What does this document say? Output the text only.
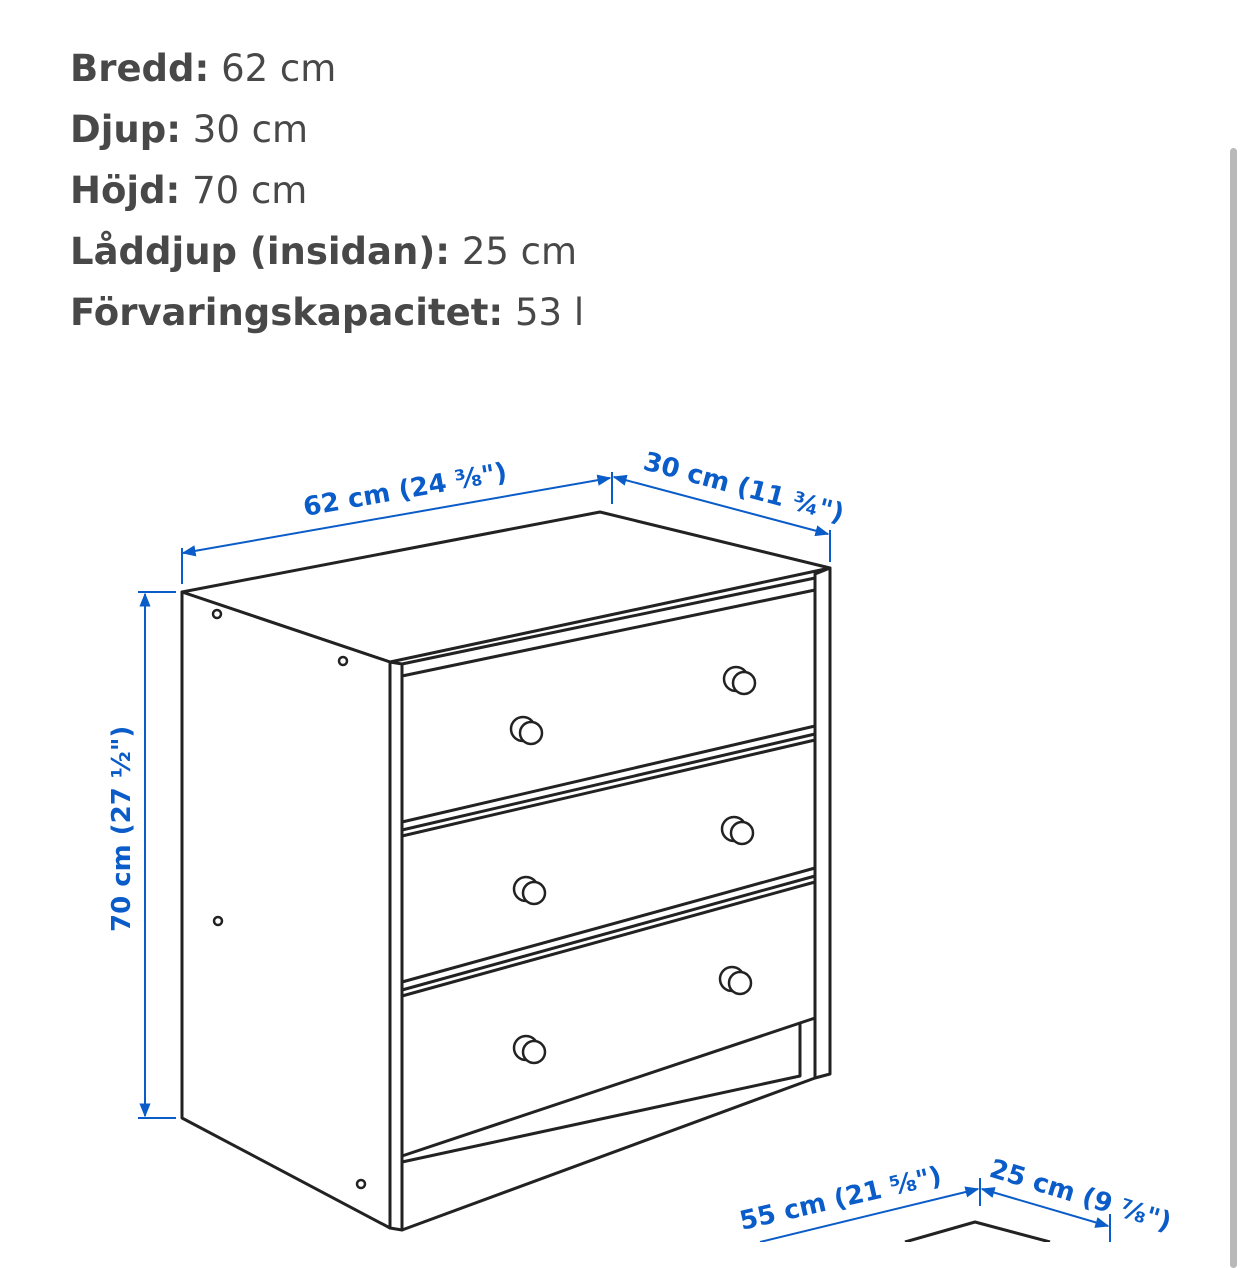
Bredd: 62 cm
Djup: 30 cm
Höjd: 70 cm
Låddjup (insidan): 25 cm
Förvaringskapacitet: 53 l
62 cm (24 ⅜")	30 cm (11 ¾")
70 cm (27 ½")
55 cm (21 ⅝") 25 cm (9 ⅞")
